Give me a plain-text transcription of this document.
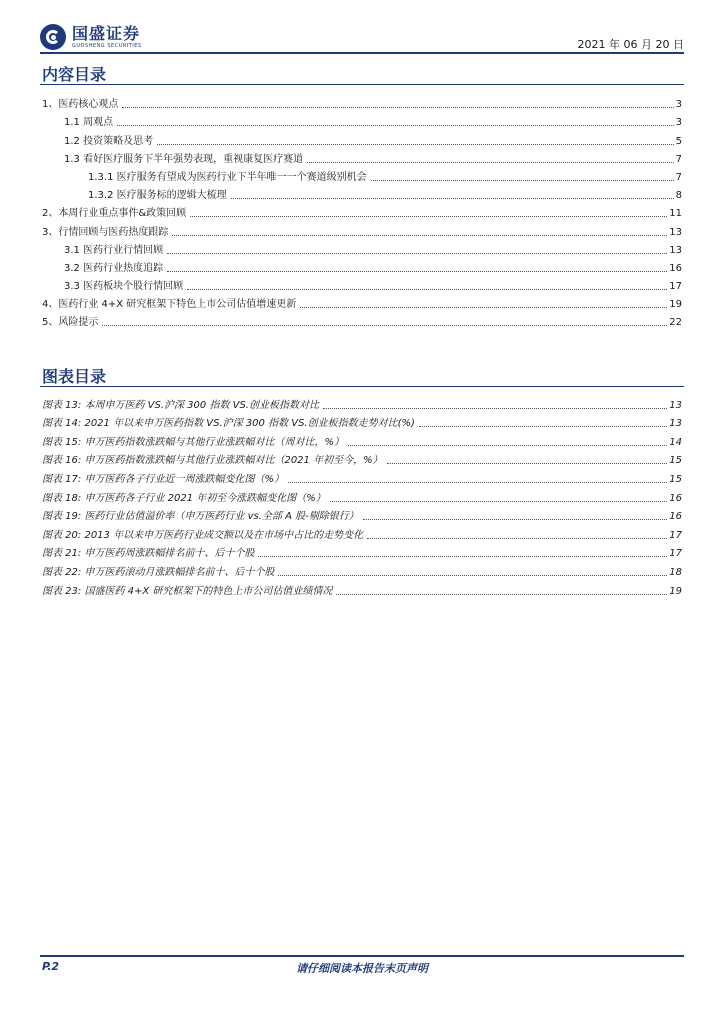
国盛证券
GUOSHENG SECURITIES	2021 年 06 月 20 日
内容目录
1、医药核心观点	3
1.1 周观点	3
1.2 投资策略及思考	5
1.3 看好医疗服务下半年强势表现，重视康复医疗赛道	7
1.3.1 医疗服务有望成为医药行业下半年唯一一个赛道级别机会	7
1.3.2 医疗服务标的逻辑大梳理	8
2、本周行业重点事件&政策回顾	11
3、行情回顾与医药热度跟踪	13
3.1 医药行业行情回顾	13
3.2 医药行业热度追踪	16
3.3 医药板块个股行情回顾	17
4、医药行业 4+X 研究框架下特色上市公司估值增速更新	19
5、风险提示	22
图表目录
图表 13: 本周申万医药 VS.沪深 300 指数 VS.创业板指数对比	13
图表 14: 2021 年以来申万医药指数 VS.沪深 300 指数 VS.创业板指数走势对比(%)	13
图表 15: 申万医药指数涨跌幅与其他行业涨跌幅对比（周对比，%）	14
图表 16: 申万医药指数涨跌幅与其他行业涨跌幅对比（2021 年初至今，%）	15
图表 17: 申万医药各子行业近一周涨跌幅变化图（%）	15
图表 18: 申万医药各子行业 2021 年初至今涨跌幅变化图（%）	16
图表 19: 医药行业估值溢价率（申万医药行业 vs.全部 A 股-剔除银行）	16
图表 20: 2013 年以来申万医药行业成交额以及在市场中占比的走势变化	17
图表 21: 申万医药周涨跌幅排名前十、后十个股	17
图表 22: 申万医药滚动月涨跌幅排名前十、后十个股	18
图表 23: 国盛医药 4+X 研究框架下的特色上市公司估值业绩情况	19
P.2	请仔细阅读本报告末页声明
